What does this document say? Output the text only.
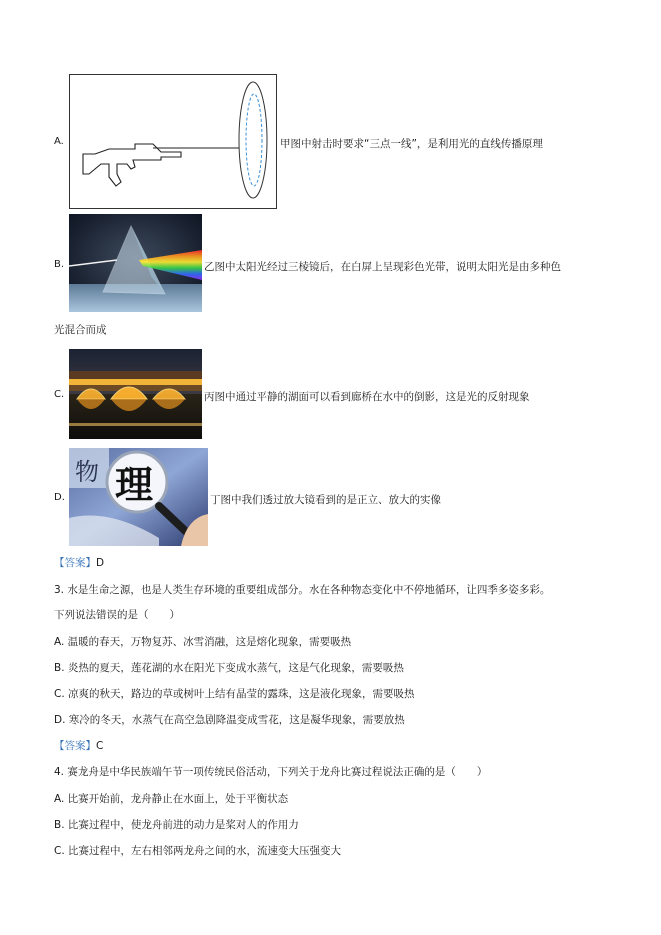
A.	甲图中射击时要求“三点一线”，是利用光的直线传播原理
B.	乙图中太阳光经过三棱镜后，在白屏上呈现彩色光带，说明太阳光是由多种色
光混合而成
C.	丙图中通过平静的湖面可以看到廊桥在水中的倒影，这是光的反射现象
D.
物 理	丁图中我们透过放大镜看到的是正立、放大的实像
【答案】D
3. 水是生命之源，也是人类生存环境的重要组成部分。水在各种物态变化中不停地循环，让四季多姿多彩。
下列说法错误的是（　　）
A. 温暖的春天，万物复苏、冰雪消融，这是熔化现象，需要吸热
B. 炎热的夏天，莲花湖的水在阳光下变成水蒸气，这是气化现象，需要吸热
C. 凉爽的秋天，路边的草或树叶上结有晶莹的露珠，这是液化现象，需要吸热
D. 寒冷的冬天，水蒸气在高空急剧降温变成雪花，这是凝华现象，需要放热
【答案】C
4. 赛龙舟是中华民族端午节一项传统民俗活动，下列关于龙舟比赛过程说法正确的是（　　）
A. 比赛开始前，龙舟静止在水面上，处于平衡状态
B. 比赛过程中，使龙舟前进的动力是桨对人的作用力
C. 比赛过程中，左右相邻两龙舟之间的水，流速变大压强变大
